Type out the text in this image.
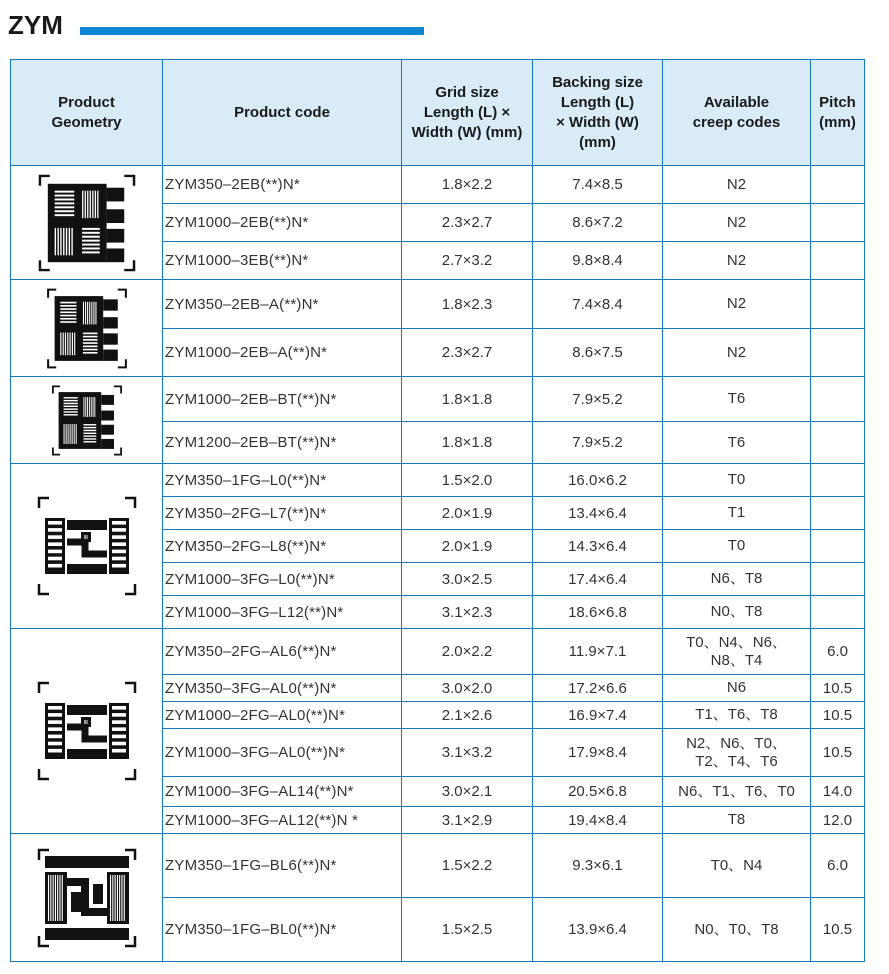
ZYM
Product
Geometry	Product code	Grid size
Length (L) ×
Width (W) (mm)	Backing size
Length (L)
× Width (W)
(mm)	Available
creep codes	Pitch
(mm)

	ZYM350–2EB(**)N*	1.8×2.2	7.4×8.5	N2	
	ZYM1000–2EB(**)N*	2.3×2.7	8.6×7.2	N2	
	ZYM1000–3EB(**)N*	2.7×3.2	9.8×8.4	N2	

	ZYM350–2EB–A(**)N*	1.8×2.3	7.4×8.4	N2	
	ZYM1000–2EB–A(**)N*	2.3×2.7	8.6×7.5	N2	

	ZYM1000–2EB–BT(**)N*	1.8×1.8	7.9×5.2	T6	
	ZYM1200–2EB–BT(**)N*	1.8×1.8	7.9×5.2	T6	

	ZYM350–1FG–L0(**)N*	1.5×2.0	16.0×6.2	T0	
	ZYM350–2FG–L7(**)N*	2.0×1.9	13.4×6.4	T1	
	ZYM350–2FG–L8(**)N*	2.0×1.9	14.3×6.4	T0	
	ZYM1000–3FG–L0(**)N*	3.0×2.5	17.4×6.4	N6、T8	
	ZYM1000–3FG–L12(**)N*	3.1×2.3	18.6×6.8	N0、T8	

	ZYM350–2FG–AL6(**)N*	2.0×2.2	11.9×7.1	T0、N4、N6、
N8、T4	6.0
	ZYM350–3FG–AL0(**)N*	3.0×2.0	17.2×6.6	N6	10.5
	ZYM1000–2FG–AL0(**)N*	2.1×2.6	16.9×7.4	T1、T6、T8	10.5
	ZYM1000–3FG–AL0(**)N*	3.1×3.2	17.9×8.4	N2、N6、T0、
T2、T4、T6	10.5
	ZYM1000–3FG–AL14(**)N*	3.0×2.1	20.5×6.8	N6、T1、T6、T0	14.0
	ZYM1000–3FG–AL12(**)N *	3.1×2.9	19.4×8.4	T8	12.0

	ZYM350–1FG–BL6(**)N*	1.5×2.2	9.3×6.1	T0、N4	6.0
	ZYM350–1FG–BL0(**)N*	1.5×2.5	13.9×6.4	N0、T0、T8	10.5
